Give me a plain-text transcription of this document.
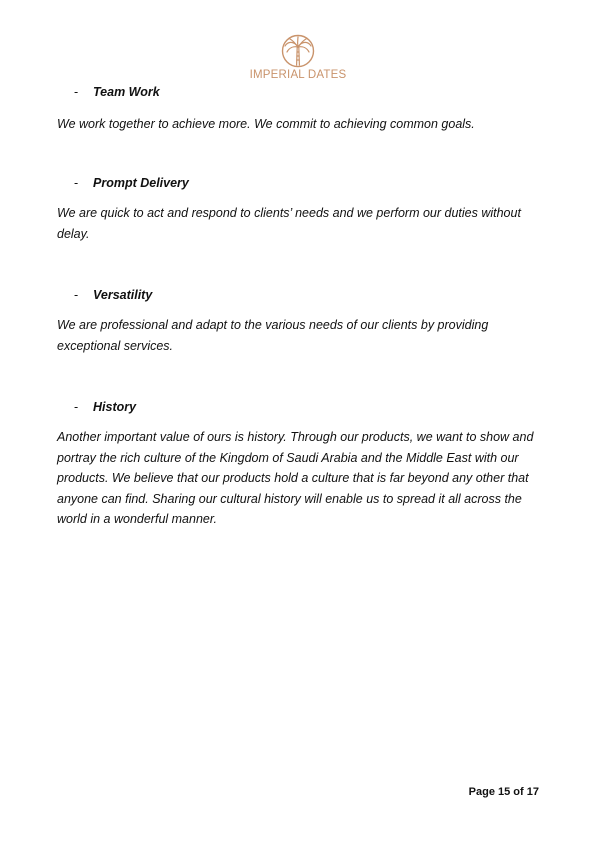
IMPERIAL DATES
- Team Work
We work together to achieve more. We commit to achieving common goals.
- Prompt Delivery
We are quick to act and respond to clients’ needs and we perform our duties without delay.
- Versatility
We are professional and adapt to the various needs of our clients by providing exceptional services.
- History
Another important value of ours is history. Through our products, we want to show and portray the rich culture of the Kingdom of Saudi Arabia and the Middle East with our products. We believe that our products hold a culture that is far beyond any other that anyone can find. Sharing our cultural history will enable us to spread it all across the world in a wonderful manner.
Page 15 of 17
